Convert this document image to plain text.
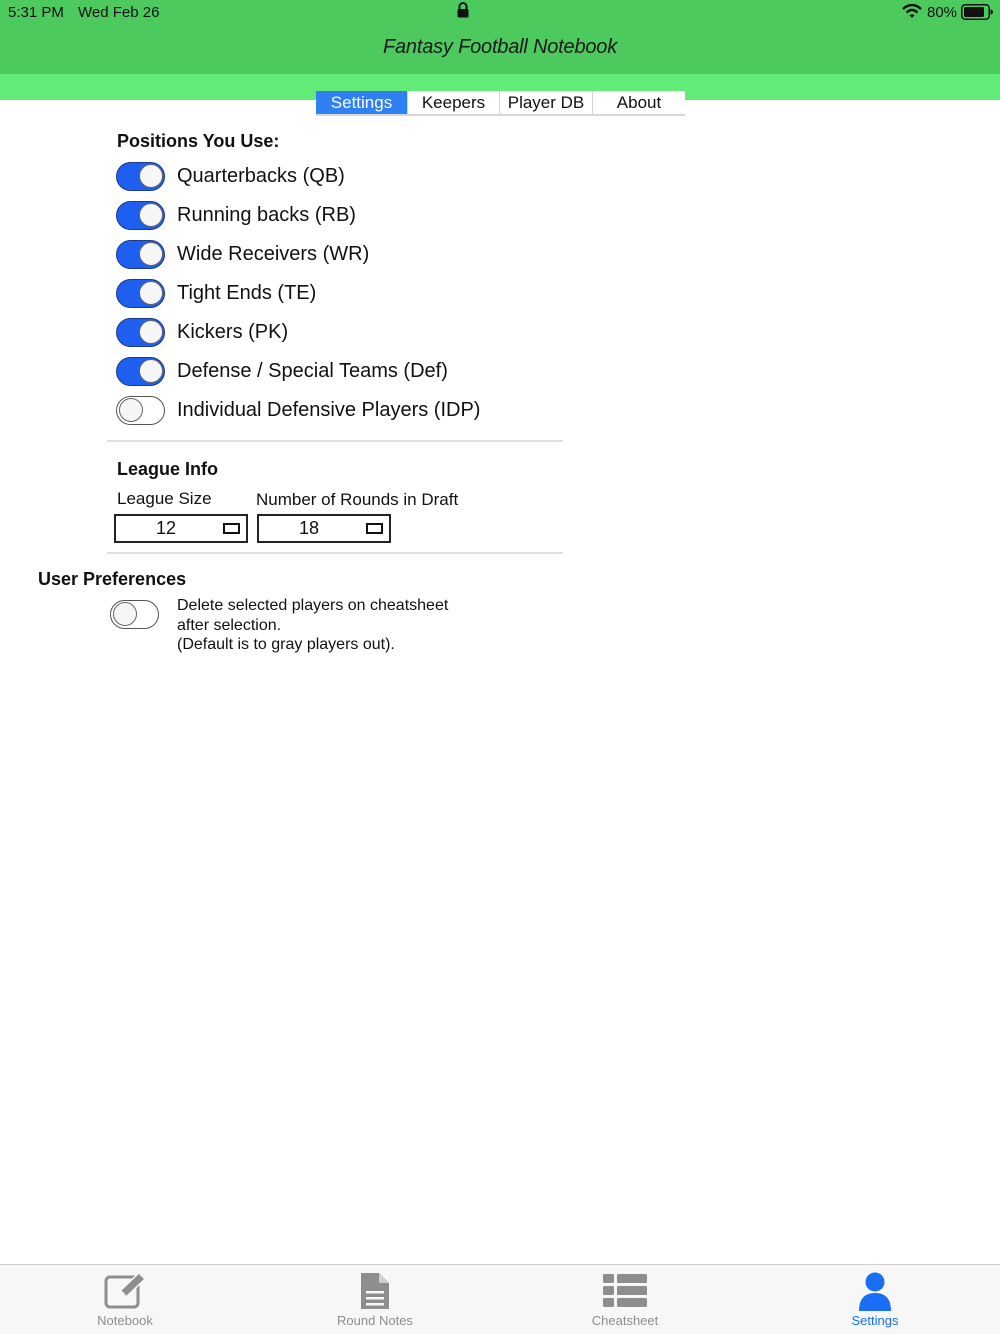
5:31 PM Wed Feb 26	80%
Fantasy Football Notebook
Settings	Keepers	Player DB	About
Positions You Use:
Quarterbacks (QB)
Running backs (RB)
Wide Receivers (WR)
Tight Ends (TE)
Kickers (PK)
Defense / Special Teams (Def)
Individual Defensive Players (IDP)
League Info
League Size	Number of Rounds in Draft
12	18
User Preferences
Delete selected players on cheatsheet
after selection.
(Default is to gray players out).
Notebook	Round Notes	Cheatsheet	Settings
